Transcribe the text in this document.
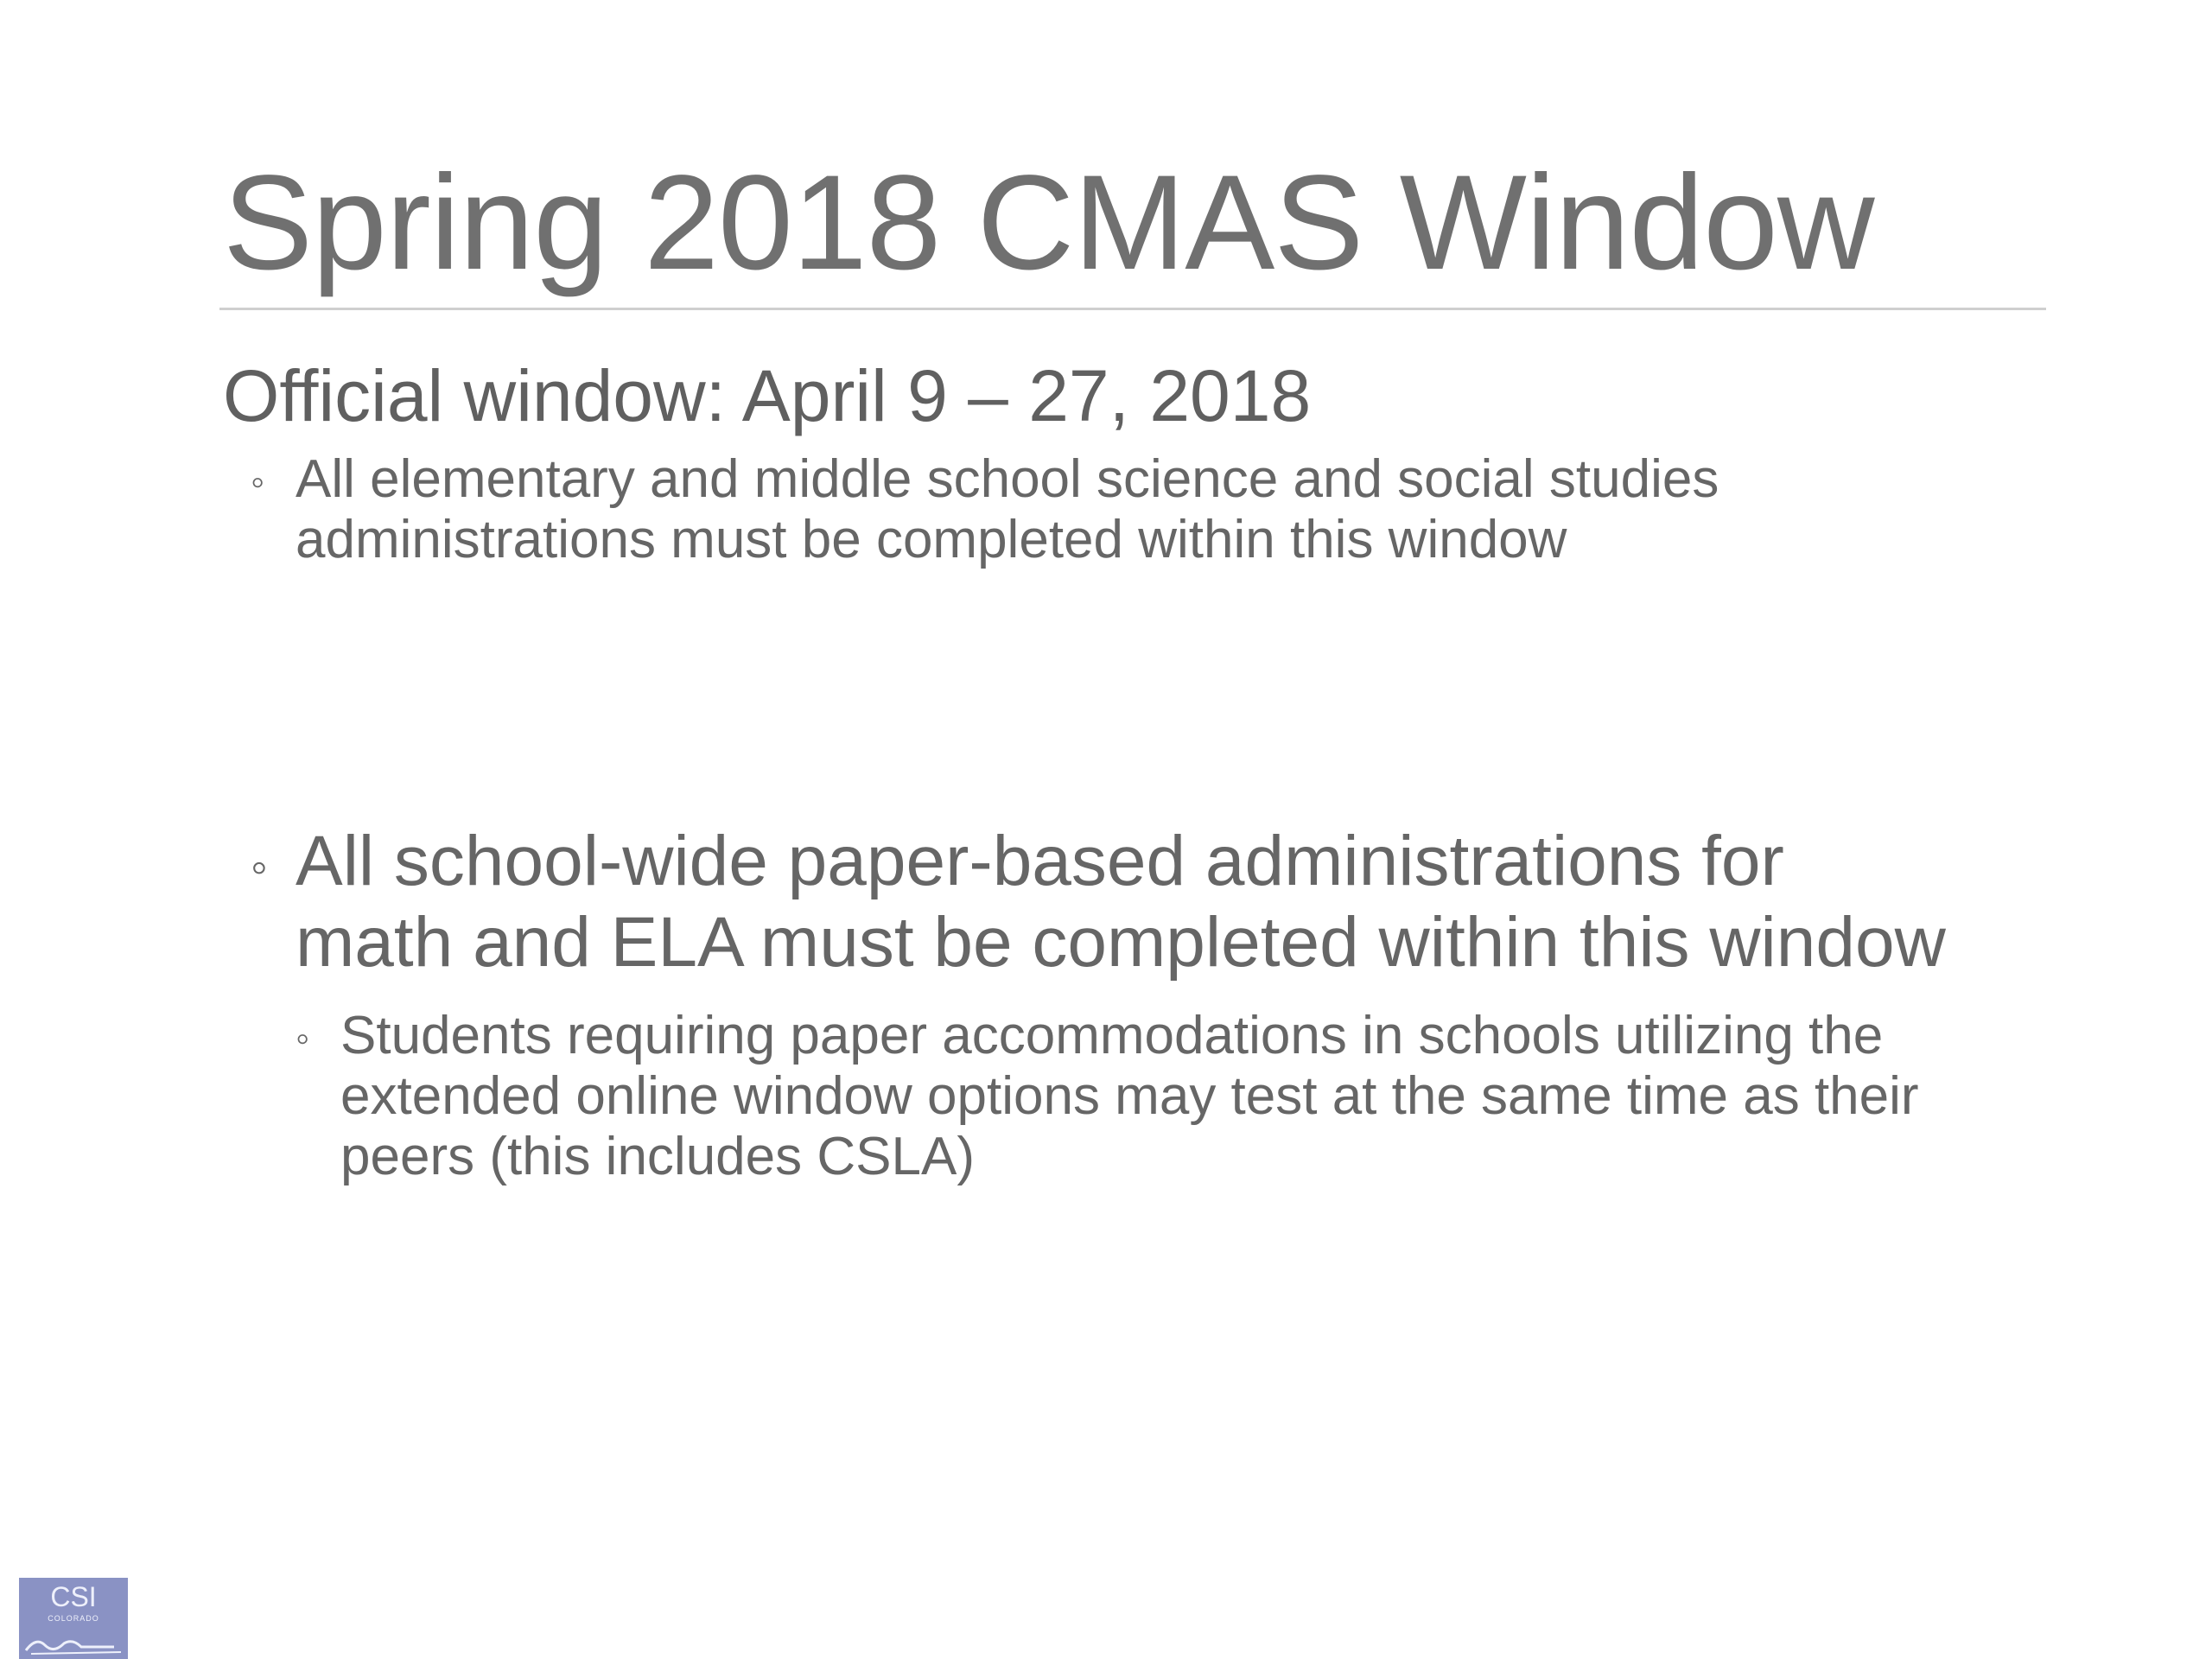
Spring 2018 CMAS Window
Official window: April 9 – 27, 2018
◦ All elementary and middle school science and social studies
administrations must be completed within this window
◦ All school-wide paper-based administrations for
math and ELA must be completed within this window
◦ Students requiring paper accommodations in schools utilizing the
extended online window options may test at the same time as their
peers (this includes CSLA)
CSI
COLORADO
